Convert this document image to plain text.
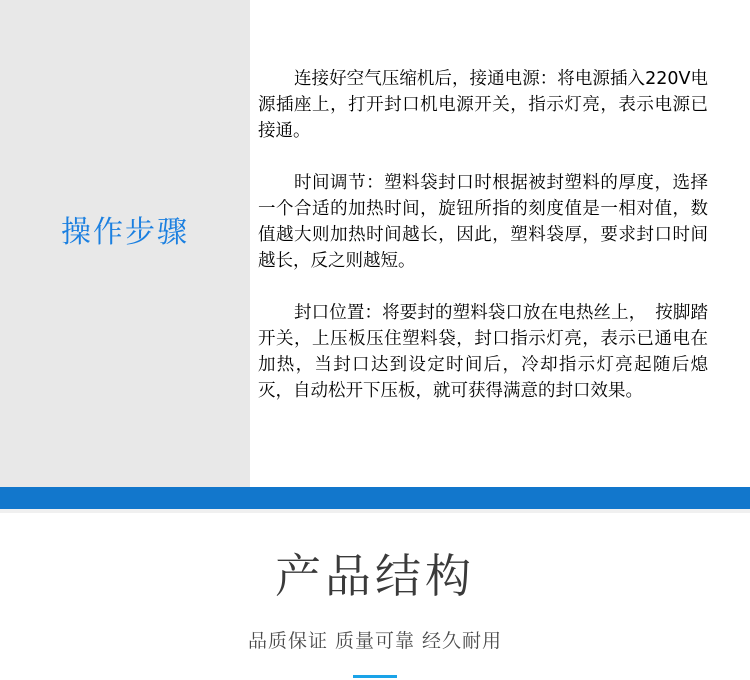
操作步骤

连接好空气压缩机后，接通电源：将电源插入220V电源插座上，打开封口机电源开关，指示灯亮，表示电源已接通。

时间调节：塑料袋封口时根据被封塑料的厚度，选择一个合适的加热时间，旋钮所指的刻度值是一相对值，数值越大则加热时间越长，因此，塑料袋厚，要求封口时间越长，反之则越短。

封口位置：将要封的塑料袋口放在电热丝上，　按脚踏开关，上压板压住塑料袋，封口指示灯亮，表示已通电在加热，当封口达到设定时间后，冷却指示灯亮起随后熄灭，自动松开下压板，就可获得满意的封口效果。

产品结构
品质保证 质量可靠 经久耐用
